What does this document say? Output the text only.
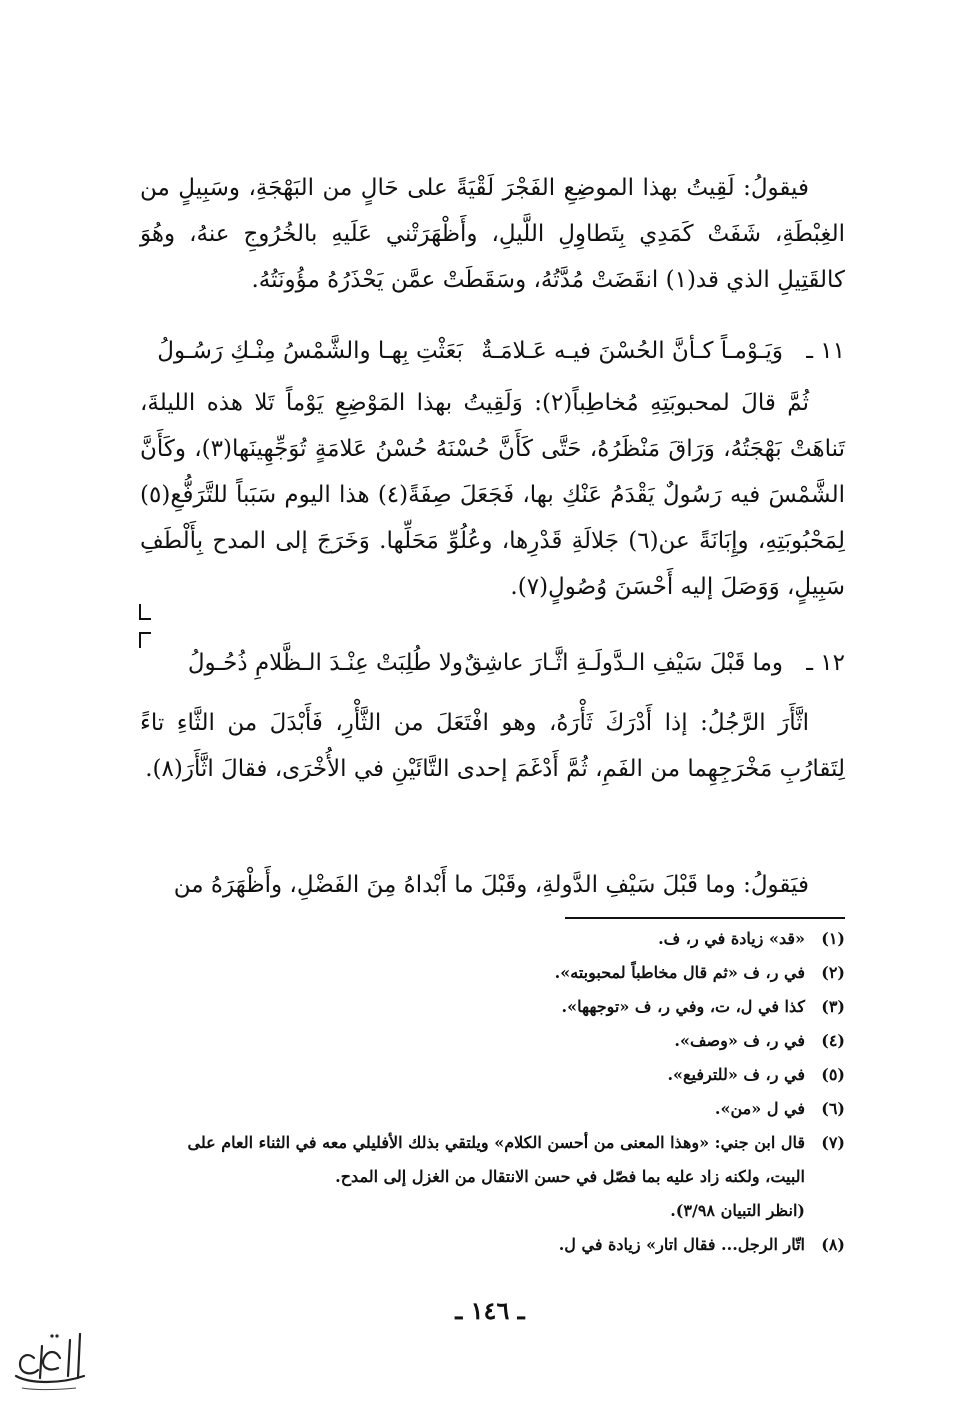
فيقولُ: لَقِيتُ بهذا الموضِعِ الفَجْرَ لَقْيَةً على حَالٍ من البَهْجَةِ، وسَبِيلٍ من الغِبْطَةِ، شَفَتْ كَمَدِي بِتَطاوِلِ اللَّيلِ، وأَظْهَرَتْني عَلَيهِ بالخُرُوجِ عنهُ، وهُوَ كالقَتِيلِ الذي قد(١) انقَضَتْ مُدَّتُهُ، وسَقَطَتْ عمَّن يَحْذَرُهُ مؤُونَتُهُ.

١١ ـوَيَـوْمـاً كـأنَّ الحُسْنَ فيـه عَـلامَـةٌبَعَثْتِ بِهـا والشَّمْسُ مِنْـكِ رَسُـولُ

ثُمَّ قالَ لمحبوبَتِهِ مُخاطِباً(٢): وَلَقِيتُ بهذا المَوْضِعِ يَوْماً تَلا هذه الليلةَ، تَناهَتْ بَهْجَتُهُ، وَرَاقَ مَنْظَرُهُ، حَتَّى كَأَنَّ حُسْنَهُ حُسْنُ عَلامَةٍ تُوَجِّهِينَها(٣)، وكَأَنَّ الشَّمْسَ فيه رَسُولٌ يَقْدَمُ عَنْكِ بها، فَجَعَلَ صِفَةً(٤) هذا اليوم سَبَباً للتَّرَفُّعِ(٥) لِمَحْبُوبَتِهِ، وإِبَانَةً عن(٦) جَلالَةِ قَدْرِها، وعُلُوِّ مَحَلِّها. وَخَرَجَ إلى المدح بِأَلْطَفِ سَبِيلٍ، وَوَصَلَ إليه أَحْسَنَ وُصُولٍ(٧).

١٢ ـوما قَبْلَ سَيْفِ الـدَّولَـةِ اثَّـارَ عاشِقٌولا طُلِبَتْ عِنْـدَ الـظَّلامِ ذُحُـولُ

اثَّأَرَ الرَّجُلُ: إذا أَدْرَكَ ثَأْرَهُ، وهو افْتَعَلَ من الثَّأْرِ، فَأَبْدَلَ من الثَّاءِ تاءً لِتَقارُبِ مَخْرَجِهِما من الفَمِ، ثُمَّ أَدْغَمَ إحدى التَّائَيْنِ في الأُخْرَى، فقالَ اثَّأَرَ(٨).

فيَقولُ: وما قَبْلَ سَيْفِ الدَّولةِ، وقَبْلَ ما أَبْداهُ مِنَ الفَضْلِ، وأَظْهَرَهُ من

(١)
«قد» زيادة في ر، ف.
(٢)
في ر، ف «ثم قال مخاطباً لمحبوبته».
(٣)
كذا في ل، ت، وفي ر، ف «توجهها».
(٤)
في ر، ف «وصف».
(٥)
في ر، ف «للترفيع».
(٦)
في ل «من».
(٧)
قال ابن جني: «وهذا المعنى من أحسن الكلام» ويلتقي بذلك الأفليلي معه في الثناء العام على البيت، ولكنه زاد عليه بما فصّل في حسن الانتقال من الغزل إلى المدح.
(انظر التبيان ٣/٩٨).
(٨)
اتّار الرجل... فقال اتار» زيادة في ل.
ـ ١٤٦ ـ
